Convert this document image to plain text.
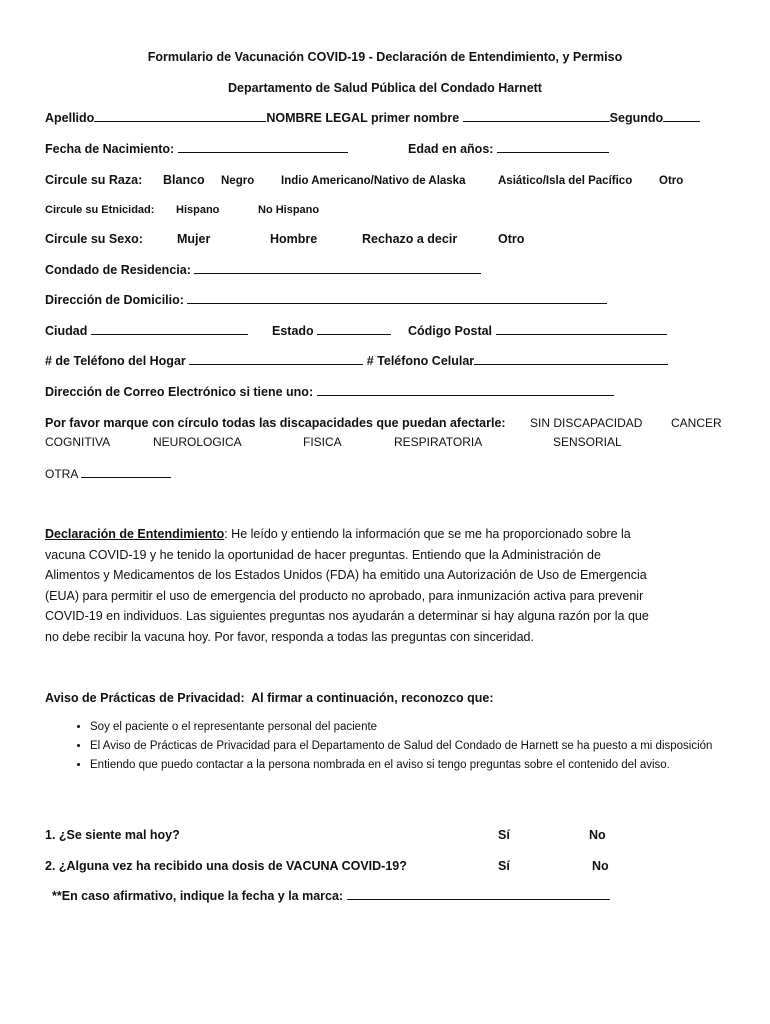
Formulario de Vacunación COVID-19 - Declaración de Entendimiento, y Permiso
Departamento de Salud Pública del Condado Harnett
Apellido	NOMBRE LEGAL primer nombre	Segundo
Fecha de Nacimiento:	Edad en años:
Circule su Raza: Blanco Negro Indio Americano/Nativo de Alaska	Asiático/Isla del Pacífico Otro
Circule su Etnicidad: Hispano	No Hispano
Circule su Sexo:	Mujer	Hombre	Rechazo a decir	Otro
Condado de Residencia:
Dirección de Domicilio:
Ciudad	Estado	Código Postal
# de Teléfono del Hogar	# Teléfono Celular
Dirección de Correo Electrónico si tiene uno:
Por favor marque con círculo todas las discapacidades que puedan afectarle: SIN DISCAPACIDAD CANCER
COGNITIVA	NEUROLOGICA	FISICA	RESPIRATORIA	SENSORIAL
OTRA
Declaración de Entendimiento: He leído y entiendo la información que se me ha proporcionado sobre la
vacuna COVID-19 y he tenido la oportunidad de hacer preguntas. Entiendo que la Administración de
Alimentos y Medicamentos de los Estados Unidos (FDA) ha emitido una Autorización de Uso de Emergencia
(EUA) para permitir el uso de emergencia del producto no aprobado, para inmunización activa para prevenir
COVID-19 en individuos. Las siguientes preguntas nos ayudarán a determinar si hay alguna razón por la que
no debe recibir la vacuna hoy. Por favor, responda a todas las preguntas con sinceridad.
Aviso de Prácticas de Privacidad:  Al firmar a continuación, reconozco que:
• Soy el paciente o el representante personal del paciente
• El Aviso de Prácticas de Privacidad para el Departamento de Salud del Condado de Harnett se ha puesto a mi disposición
• Entiendo que puedo contactar a la persona nombrada en el aviso si tengo preguntas sobre el contenido del aviso.
1. ¿Se siente mal hoy?	Sí	No
2. ¿Alguna vez ha recibido una dosis de VACUNA COVID-19?	Sí	No
**En caso afirmativo, indique la fecha y la marca:
